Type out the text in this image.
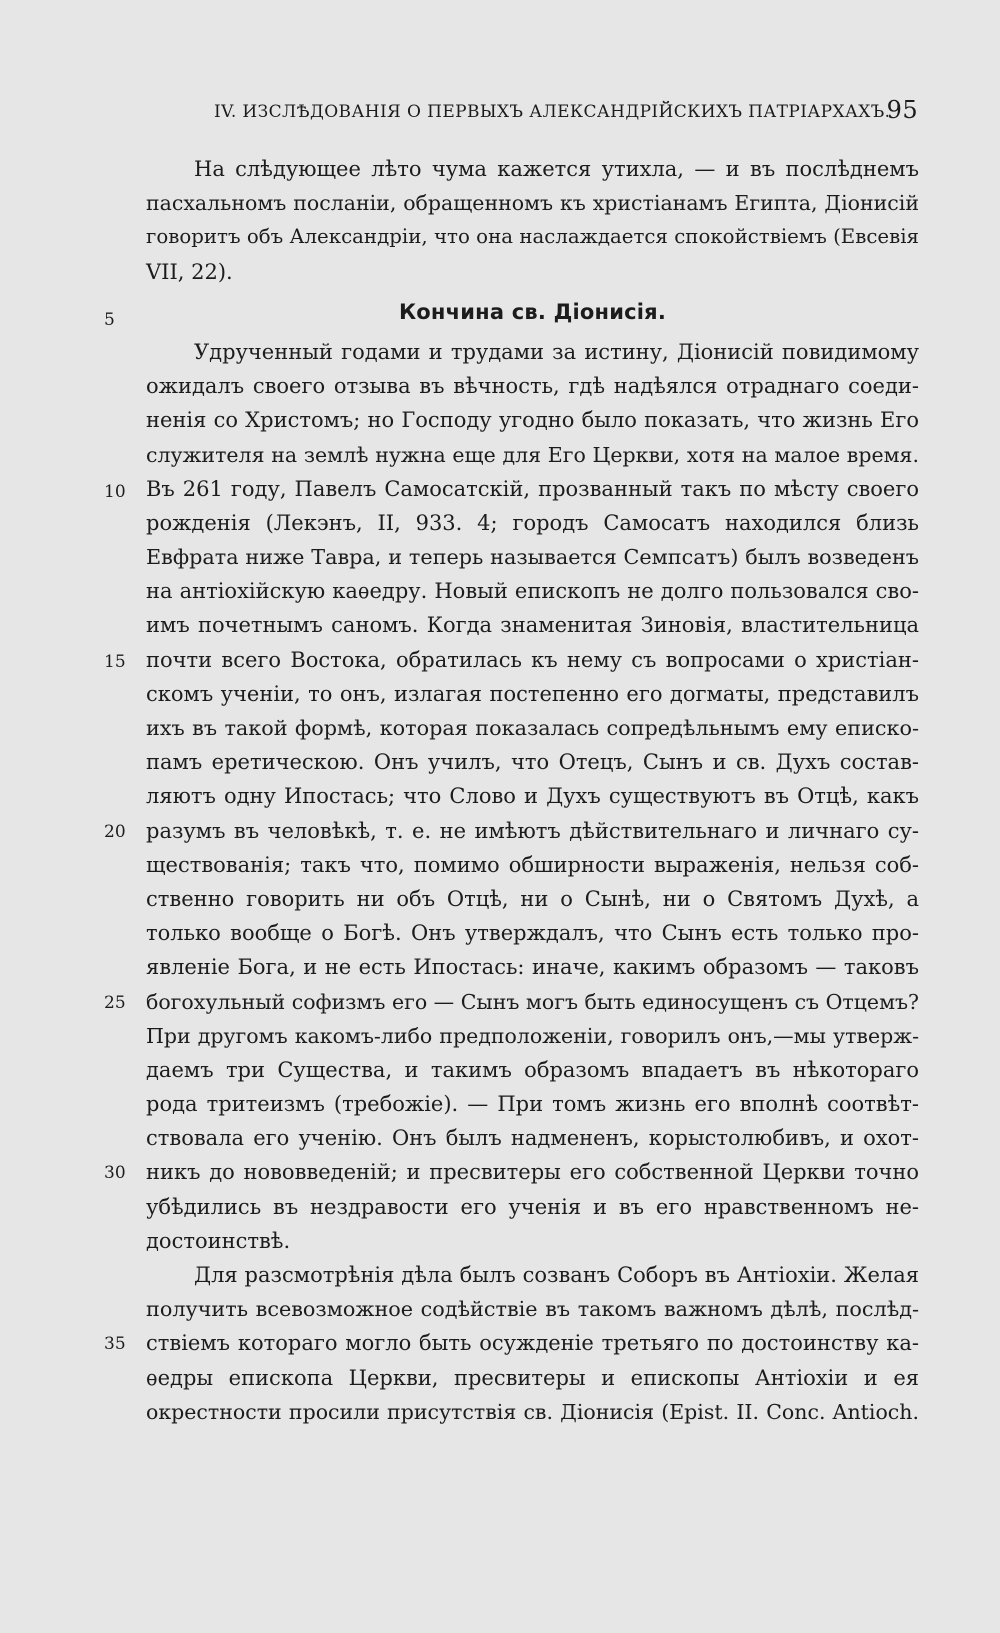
IV. ИЗСЛѢДОВАНІЯ О ПЕРВЫХЪ АЛЕКСАНДРІЙСКИХЪ ПАТРІАРХАХЪ.
95
5
10
15
20
25
30
35
На слѣдующее лѣто чума кажется утихла, — и въ послѣднемъ
пасхальномъ посланіи, обращенномъ къ христіанамъ Египта, Діонисій
говоритъ объ Александріи, что она наслаждается спокойствіемъ (Евсевія
VII, 22).
Кончина св. Діонисія.
Удрученный годами и трудами за истину, Діонисій повидимому
ожидалъ своего отзыва въ вѣчность, гдѣ надѣялся отраднаго соеди-
ненія со Христомъ; но Господу угодно было показать, что жизнь Его
служителя на землѣ нужна еще для Его Церкви, хотя на малое время.
Въ 261 году, Павелъ Самосатскій, прозванный такъ по мѣсту своего
рожденія (Лекэнъ, II, 933. 4; городъ Самосатъ находился близь
Евфрата ниже Тавра, и теперь называется Семпсатъ) былъ возведенъ
на антіохійскую каѳедру. Новый епископъ не долго пользовался сво-
имъ почетнымъ саномъ. Когда знаменитая Зиновія, властительница
почти всего Востока, обратилась къ нему съ вопросами о христіан-
скомъ ученіи, то онъ, излагая постепенно его догматы, представилъ
ихъ въ такой формѣ, которая показалась сопредѣльнымъ ему еписко-
памъ еретическою. Онъ училъ, что Отецъ, Сынъ и св. Духъ состав-
ляютъ одну Ипостась; что Слово и Духъ существуютъ въ Отцѣ, какъ
разумъ въ человѣкѣ, т. е. не имѣютъ дѣйствительнаго и личнаго су-
ществованія; такъ что, помимо обширности выраженія, нельзя соб-
ственно говорить ни объ Отцѣ, ни о Сынѣ, ни о Святомъ Духѣ, а
только вообще о Богѣ. Онъ утверждалъ, что Сынъ есть только про-
явленіе Бога, и не есть Ипостась: иначе, какимъ образомъ — таковъ
богохульный софизмъ его — Сынъ могъ быть единосущенъ съ Отцемъ?
При другомъ какомъ-либо предположеніи, говорилъ онъ,—мы утверж-
даемъ три Существа, и такимъ образомъ впадаетъ въ нѣкотораго
рода тритеизмъ (требожіе). — При томъ жизнь его вполнѣ соотвѣт-
ствовала его ученію. Онъ былъ надмененъ, корыстолюбивъ, и охот-
никъ до нововведеній; и пресвитеры его собственной Церкви точно
убѣдились въ нездравости его ученія и въ его нравственномъ не-
достоинствѣ.
Для разсмотрѣнія дѣла былъ созванъ Соборъ въ Антіохіи. Желая
получить всевозможное содѣйствіе въ такомъ важномъ дѣлѣ, послѣд-
ствіемъ котораго могло быть осужденіе третьяго по достоинству ка-
ѳедры епископа Церкви, пресвитеры и епископы Антіохіи и ея
окрестности просили присутствія св. Діонисія (Epist. II. Conc. Antioch.
